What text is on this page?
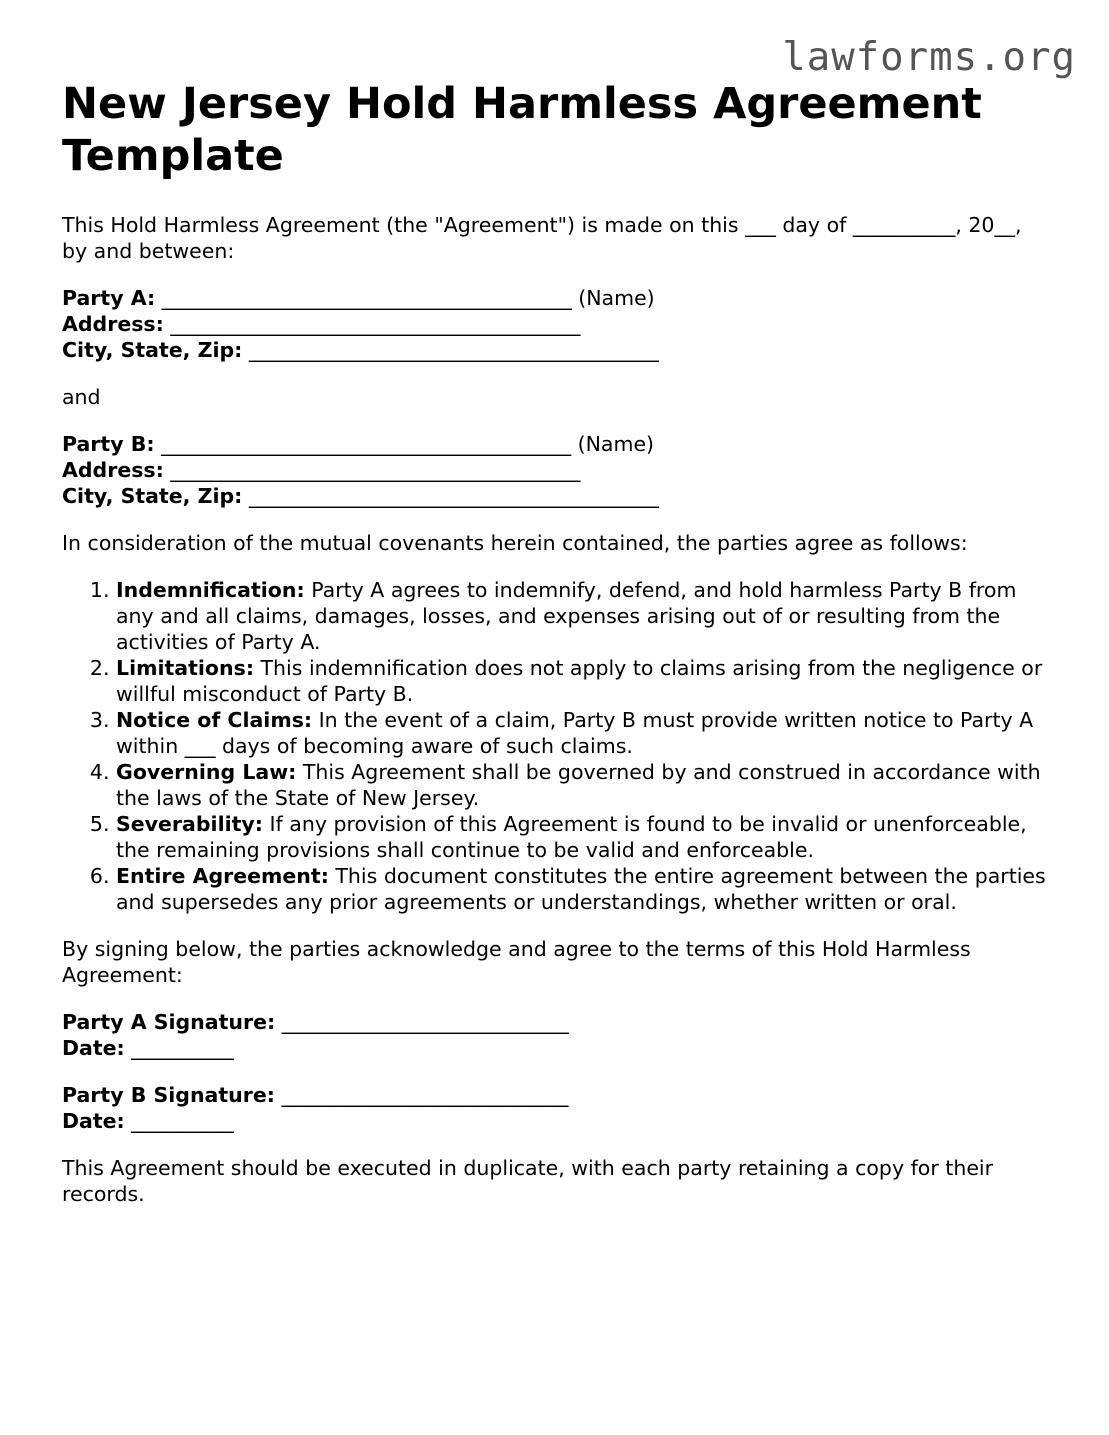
lawforms.org
New Jersey Hold Harmless Agreement Template

This Hold Harmless Agreement (the "Agreement") is made on this ___ day of __________, 20__, by and between:

Party A: ________________________________________ (Name)
Address: ________________________________________
City, State, Zip: ________________________________________

and

Party B: ________________________________________ (Name)
Address: ________________________________________
City, State, Zip: ________________________________________

In consideration of the mutual covenants herein contained, the parties agree as follows:

1. Indemnification: Party A agrees to indemnify, defend, and hold harmless Party B from any and all claims, damages, losses, and expenses arising out of or resulting from the activities of Party A.
2. Limitations: This indemnification does not apply to claims arising from the negligence or willful misconduct of Party B.
3. Notice of Claims: In the event of a claim, Party B must provide written notice to Party A within ___ days of becoming aware of such claims.
4. Governing Law: This Agreement shall be governed by and construed in accordance with the laws of the State of New Jersey.
5. Severability: If any provision of this Agreement is found to be invalid or unenforceable, the remaining provisions shall continue to be valid and enforceable.
6. Entire Agreement: This document constitutes the entire agreement between the parties and supersedes any prior agreements or understandings, whether written or oral.

By signing below, the parties acknowledge and agree to the terms of this Hold Harmless Agreement:

Party A Signature: ____________________________
Date: __________
Party B Signature: ____________________________
Date: __________

This Agreement should be executed in duplicate, with each party retaining a copy for their records.
